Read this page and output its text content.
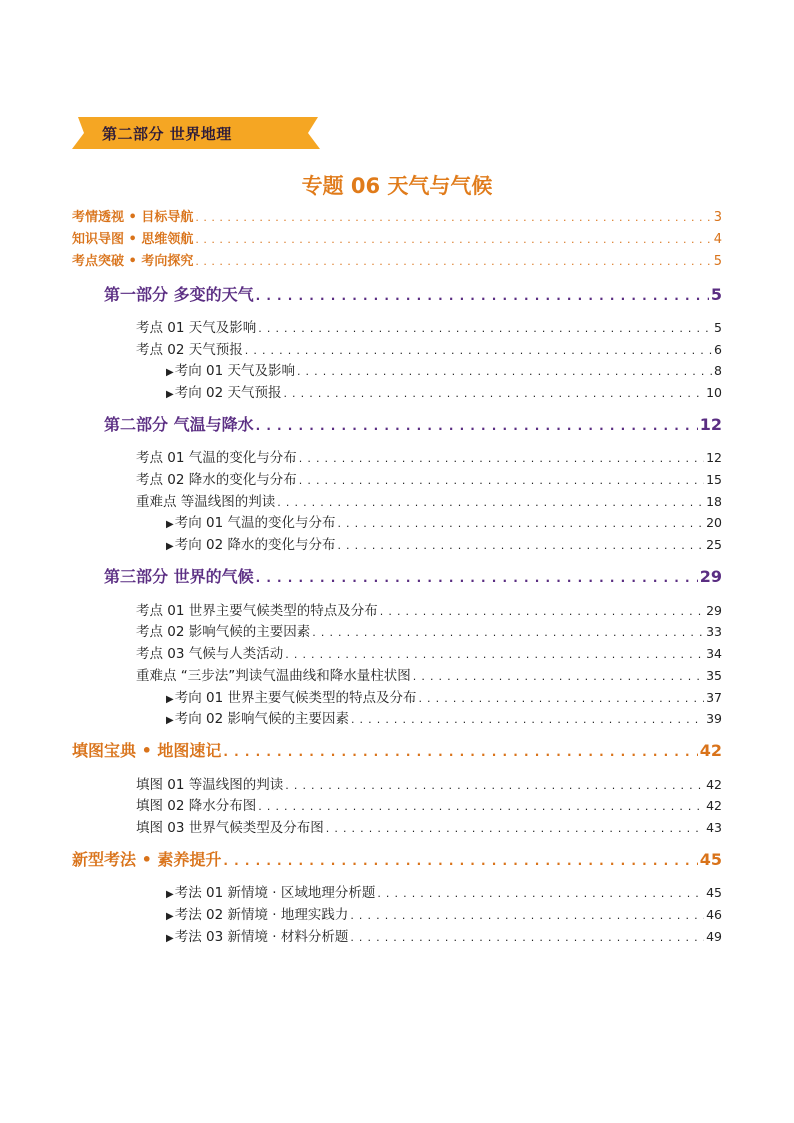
第二部分 世界地理
专题 06 天气与气候
考情透视 • 目标导航 . . .	3
知识导图 • 思维领航 . . .	4
考点突破 • 考向探究 . . .	5
第一部分 多变的天气 . . .	5
考点 01 天气及影响 . . .	5
考点 02 天气预报 . . .	6
▶ 考向 01 天气及影响 . . .	8
▶ 考向 02 天气预报 . . .	10
第二部分 气温与降水 . . .	12
考点 01 气温的变化与分布 . . .	12
考点 02 降水的变化与分布 . . .	15
重难点 等温线图的判读 . . .	18
▶ 考向 01 气温的变化与分布 . . .	20
▶ 考向 02 降水的变化与分布 . . .	25
第三部分 世界的气候 . . .	29
考点 01 世界主要气候类型的特点及分布 . . .	29
考点 02 影响气候的主要因素 . . .	33
考点 03 气候与人类活动 . . .	34
重难点 “三步法”判读气温曲线和降水量柱状图 . . .	35
▶ 考向 01 世界主要气候类型的特点及分布 . . .	37
▶ 考向 02 影响气候的主要因素 . . .	39
填图宝典 • 地图速记 . . .	42
填图 01 等温线图的判读 . . .	42
填图 02 降水分布图 . . .	42
填图 03 世界气候类型及分布图 . . .	43
新型考法 • 素养提升 . . .	45
▶ 考法 01 新情境 · 区域地理分析题 . . .	45
▶ 考法 02 新情境 · 地理实践力 . . .	46
▶ 考法 03 新情境 · 材料分析题 . . .	49
